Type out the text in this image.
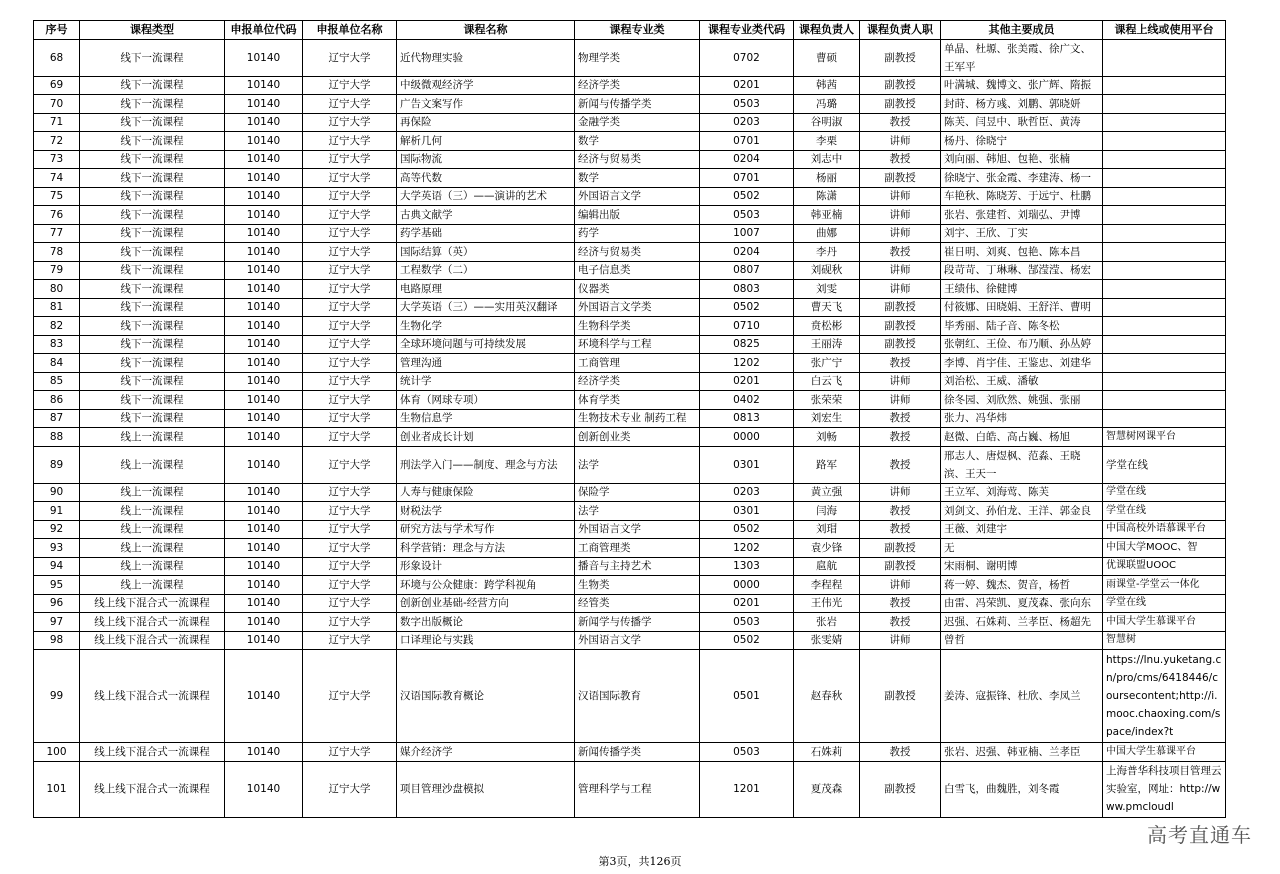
序号	课程类型	申报单位代码	申报单位名称	课程名称	课程专业类	课程专业类代码	课程负责人	课程负责人职	其他主要成员	课程上线或使用平台
68	线下一流课程	10140	辽宁大学	近代物理实验	物理学类	0702	曹硕	副教授	单晶、杜塬、张美霞、徐广文、王军平	
69	线下一流课程	10140	辽宁大学	中级微观经济学	经济学类	0201	韩茜	副教授	叶满城、魏博文、张广辉、隋振	
70	线下一流课程	10140	辽宁大学	广告文案写作	新闻与传播学类	0503	冯璐	副教授	封莳、杨方彧、刘鹏、郭晓妍	
71	线下一流课程	10140	辽宁大学	再保险	金融学类	0203	谷明淑	教授	陈芙、闫昱中、耿哲臣、黄涛	
72	线下一流课程	10140	辽宁大学	解析几何	数学	0701	李栗	讲师	杨丹、徐晓宁	
73	线下一流课程	10140	辽宁大学	国际物流	经济与贸易类	0204	刘志中	教授	刘向丽、韩旭、包艳、张楠	
74	线下一流课程	10140	辽宁大学	高等代数	数学	0701	杨丽	副教授	徐晓宁、张金霞、李建涛、杨一	
75	线下一流课程	10140	辽宁大学	大学英语（三）——演讲的艺术	外国语言文学	0502	陈潇	讲师	车艳秋、陈晓芳、于远宁、杜鹏	
76	线下一流课程	10140	辽宁大学	古典文献学	编辑出版	0503	韩亚楠	讲师	张岩、张建哲、刘瑞弘、尹博	
77	线下一流课程	10140	辽宁大学	药学基础	药学	1007	曲娜	讲师	刘宇、王欣、丁实	
78	线下一流课程	10140	辽宁大学	国际结算（英）	经济与贸易类	0204	李丹	教授	崔日明、刘爽、包艳、陈本昌	
79	线下一流课程	10140	辽宁大学	工程数学（二）	电子信息类	0807	刘砚秋	讲师	段苛苛、丁琳琳、郜滢滢、杨宏	
80	线下一流课程	10140	辽宁大学	电路原理	仪器类	0803	刘雯	讲师	王绩伟、徐健博	
81	线下一流课程	10140	辽宁大学	大学英语（三）——实用英汉翻译	外国语言文学类	0502	曹天飞	副教授	付筱娜、田晓娟、王舒洋、曹明	
82	线下一流课程	10140	辽宁大学	生物化学	生物科学类	0710	贲松彬	副教授	毕秀丽、陆子音、陈冬松	
83	线下一流课程	10140	辽宁大学	全球环境问题与可持续发展	环境科学与工程	0825	王丽涛	副教授	张朝红、王俭、布乃顺、孙丛婷	
84	线下一流课程	10140	辽宁大学	管理沟通	工商管理	1202	张广宁	教授	李博、肖宇佳、王鉴忠、刘建华	
85	线下一流课程	10140	辽宁大学	统计学	经济学类	0201	白云飞	讲师	刘治松、王威、潘敏	
86	线下一流课程	10140	辽宁大学	体育（网球专项）	体育学类	0402	张荣荣	讲师	徐冬园、刘欣然、姚强、张丽	
87	线下一流课程	10140	辽宁大学	生物信息学	生物技术专业 制药工程	0813	刘宏生	教授	张力、冯华炜	
88	线上一流课程	10140	辽宁大学	创业者成长计划	创新创业类	0000	刘畅	教授	赵微、白皓、高占巍、杨旭	智慧树网课平台
89	线上一流课程	10140	辽宁大学	刑法学入门——制度、理念与方法	法学	0301	路军	教授	邢志人、唐煜枫、范淼、王晓滨、王天一	学堂在线
90	线上一流课程	10140	辽宁大学	人寿与健康保险	保险学	0203	黄立强	讲师	王立军、刘海莺、陈芙	学堂在线
91	线上一流课程	10140	辽宁大学	财税法学	法学	0301	闫海	教授	刘剑文、孙伯龙、王洋、郭金良	学堂在线
92	线上一流课程	10140	辽宁大学	研究方法与学术写作	外国语言文学	0502	刘瑁	教授	王薇、刘建宇	中国高校外语慕课平台
93	线上一流课程	10140	辽宁大学	科学营销：理念与方法	工商管理类	1202	袁少锋	副教授	无	中国大学MOOC、智
94	线上一流课程	10140	辽宁大学	形象设计	播音与主持艺术	1303	扈航	副教授	宋雨桐、谢明博	优课联盟UOOC
95	线上一流课程	10140	辽宁大学	环境与公众健康：跨学科视角	生物类	0000	李程程	讲师	蒋一婷、魏杰、贺音，杨哲	雨课堂-学堂云一体化
96	线上线下混合式一流课程	10140	辽宁大学	创新创业基础-经营方向	经管类	0201	王伟光	教授	由雷、冯荣凯、夏茂森、张向东	学堂在线
97	线上线下混合式一流课程	10140	辽宁大学	数字出版概论	新闻学与传播学	0503	张岩	教授	迟强、石姝莉、兰孝臣、杨超先	中国大学生慕课平台
98	线上线下混合式一流课程	10140	辽宁大学	口译理论与实践	外国语言文学	0502	张雯婧	讲师	曾哲	智慧树
99	线上线下混合式一流课程	10140	辽宁大学	汉语国际教育概论	汉语国际教育	0501	赵春秋	副教授	姜涛、寇振锋、杜欣、李凤兰	https://lnu.yuketang.cn/pro/cms/6418446/coursecontent;http://i.mooc.chaoxing.com/space/index?t
100	线上线下混合式一流课程	10140	辽宁大学	媒介经济学	新闻传播学类	0503	石姝莉	教授	张岩、迟强、韩亚楠、兰孝臣	中国大学生慕课平台
101	线上线下混合式一流课程	10140	辽宁大学	项目管理沙盘模拟	管理科学与工程	1201	夏茂森	副教授	白雪飞，曲魏胜，刘冬霞	上海普华科技项目管理云实验室，网址：http://www.pmcloudl
第3页，共126页
高考直通车
